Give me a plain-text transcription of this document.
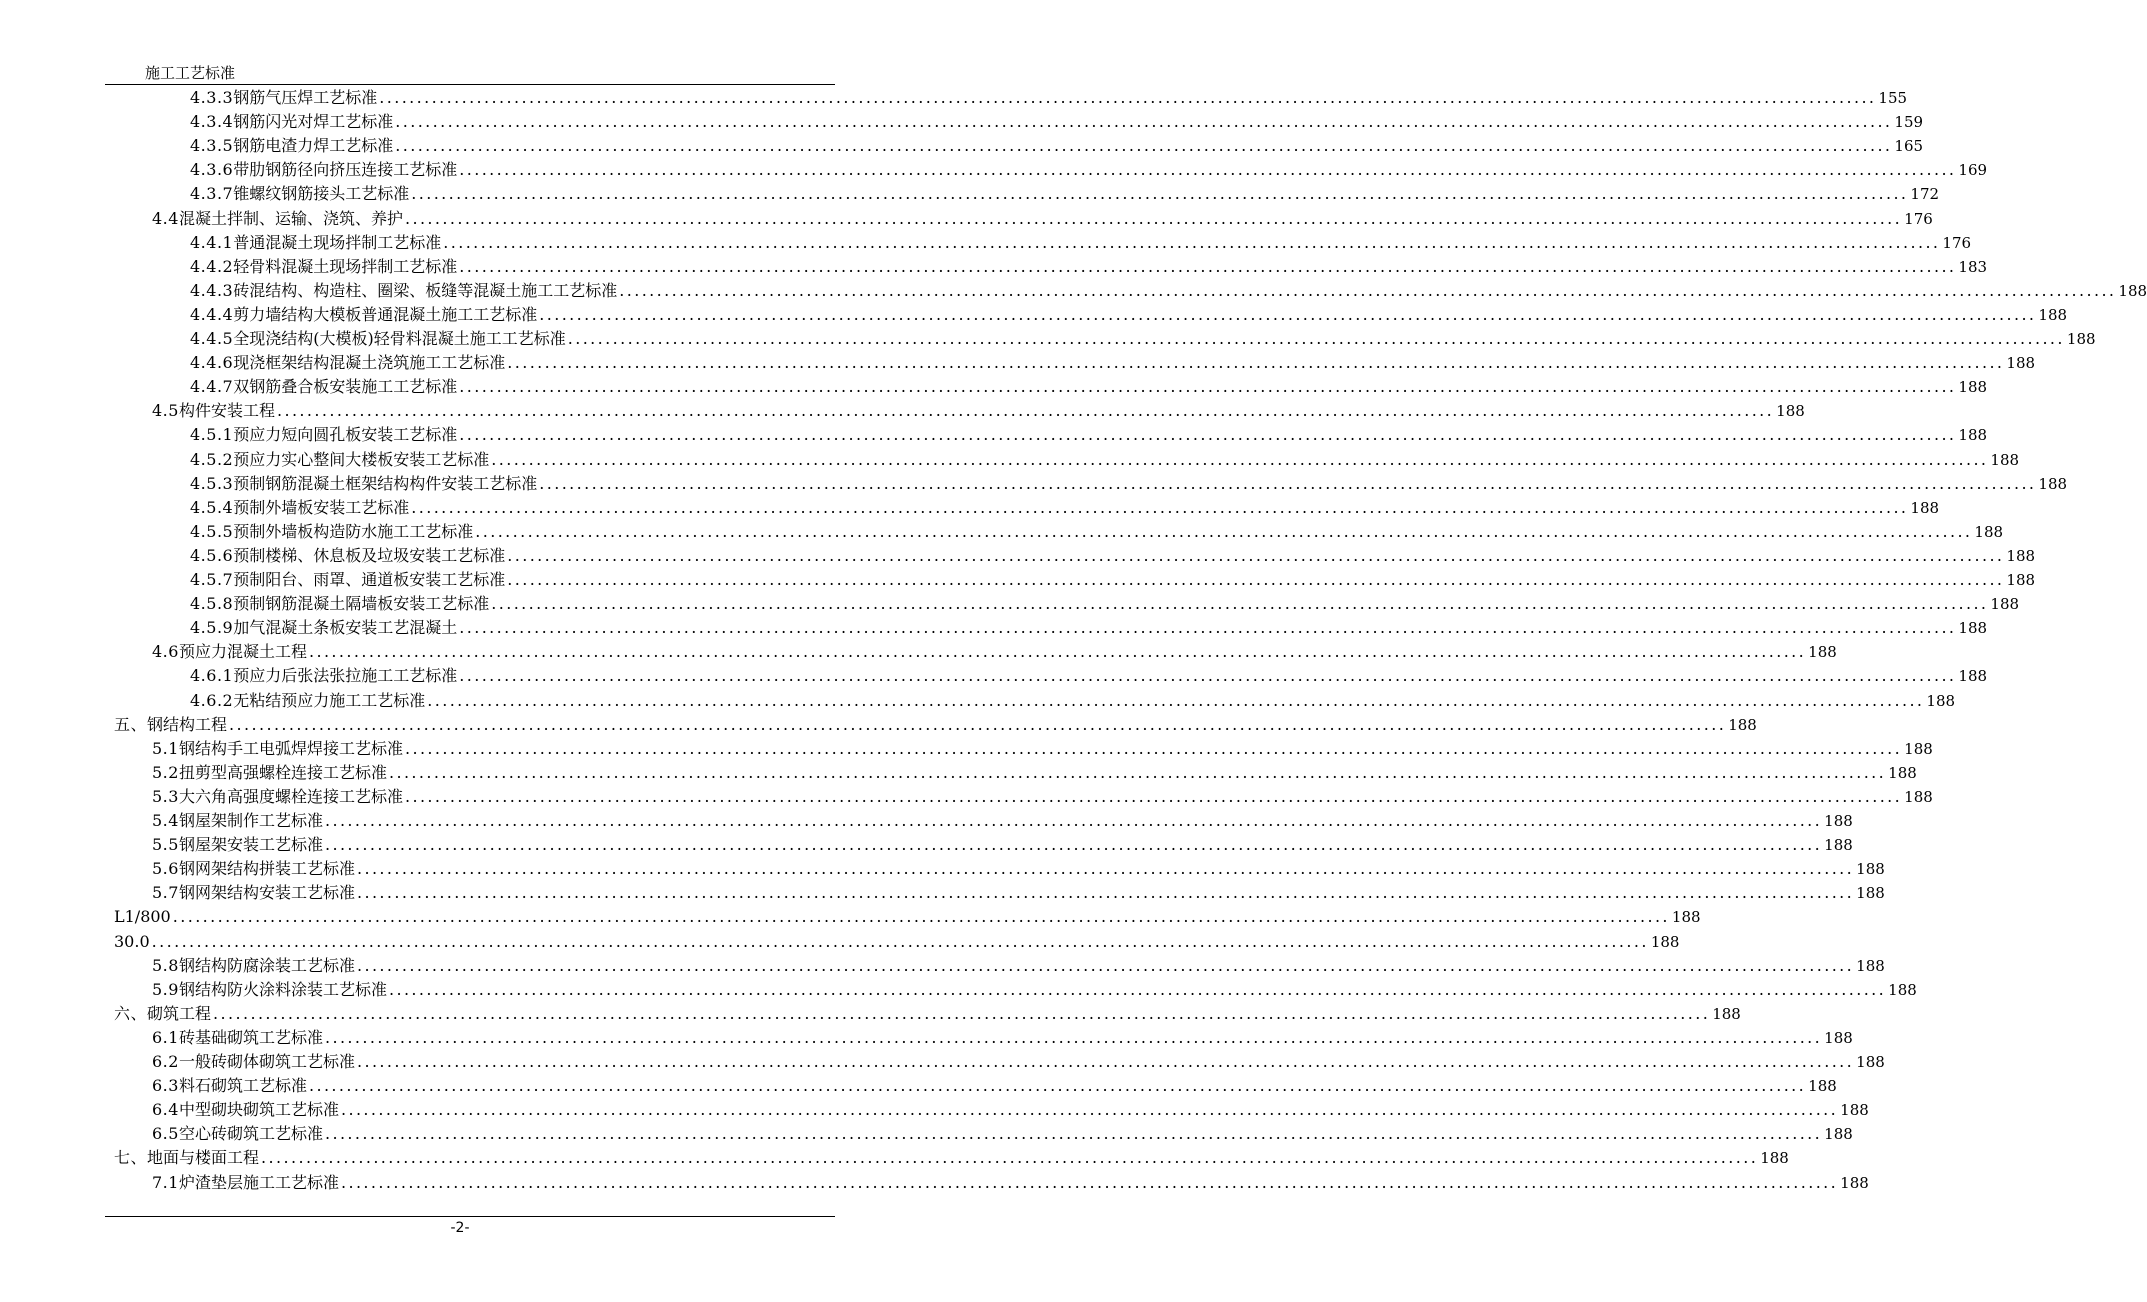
施工工艺标准
4.3.3 钢筋气压焊工艺标准 ........................................................................................................................................................................................................ 155
4.3.4 钢筋闪光对焊工艺标准 ........................................................................................................................................................................................................ 159
4.3.5 钢筋电渣力焊工艺标准 ........................................................................................................................................................................................................ 165
4.3.6 带肋钢筋径向挤压连接工艺标准 ........................................................................................................................................................................................................ 169
4.3.7 锥螺纹钢筋接头工艺标准 ........................................................................................................................................................................................................ 172
4.4 混凝土拌制、运输、浇筑、养护 ........................................................................................................................................................................................................ 176
4.4.1 普通混凝土现场拌制工艺标准 ........................................................................................................................................................................................................ 176
4.4.2 轻骨料混凝土现场拌制工艺标准 ........................................................................................................................................................................................................ 183
4.4.3 砖混结构、构造柱、圈梁、板缝等混凝土施工工艺标准 ........................................................................................................................................................................................................ 188
4.4.4 剪力墙结构大模板普通混凝土施工工艺标准 ........................................................................................................................................................................................................ 188
4.4.5 全现浇结构(大模板)轻骨料混凝土施工工艺标准 ........................................................................................................................................................................................................ 188
4.4.6 现浇框架结构混凝土浇筑施工工艺标准 ........................................................................................................................................................................................................ 188
4.4.7 双钢筋叠合板安装施工工艺标准 ........................................................................................................................................................................................................ 188
4.5 构件安装工程 ........................................................................................................................................................................................................ 188
4.5.1 预应力短向圆孔板安装工艺标准 ........................................................................................................................................................................................................ 188
4.5.2 预应力实心整间大楼板安装工艺标准 ........................................................................................................................................................................................................ 188
4.5.3 预制钢筋混凝土框架结构构件安装工艺标准 ........................................................................................................................................................................................................ 188
4.5.4 预制外墙板安装工艺标准 ........................................................................................................................................................................................................ 188
4.5.5 预制外墙板构造防水施工工艺标准 ........................................................................................................................................................................................................ 188
4.5.6 预制楼梯、休息板及垃圾安装工艺标准 ........................................................................................................................................................................................................ 188
4.5.7 预制阳台、雨罩、通道板安装工艺标准 ........................................................................................................................................................................................................ 188
4.5.8 预制钢筋混凝土隔墙板安装工艺标准 ........................................................................................................................................................................................................ 188
4.5.9 加气混凝土条板安装工艺混凝土 ........................................................................................................................................................................................................ 188
4.6 预应力混凝土工程 ........................................................................................................................................................................................................ 188
4.6.1 预应力后张法张拉施工工艺标准 ........................................................................................................................................................................................................ 188
4.6.2 无粘结预应力施工工艺标准 ........................................................................................................................................................................................................ 188
五、 钢结构工程 ........................................................................................................................................................................................................ 188
5.1 钢结构手工电弧焊焊接工艺标准 ........................................................................................................................................................................................................ 188
5.2 扭剪型高强螺栓连接工艺标准 ........................................................................................................................................................................................................ 188
5.3 大六角高强度螺栓连接工艺标准 ........................................................................................................................................................................................................ 188
5.4 钢屋架制作工艺标准 ........................................................................................................................................................................................................ 188
5.5 钢屋架安装工艺标准 ........................................................................................................................................................................................................ 188
5.6 钢网架结构拼装工艺标准 ........................................................................................................................................................................................................ 188
5.7 钢网架结构安装工艺标准 ........................................................................................................................................................................................................ 188
L1/800 ........................................................................................................................................................................................................ 188
30.0 ........................................................................................................................................................................................................ 188
5.8 钢结构防腐涂装工艺标准 ........................................................................................................................................................................................................ 188
5.9 钢结构防火涂料涂装工艺标准 ........................................................................................................................................................................................................ 188
六、 砌筑工程 ........................................................................................................................................................................................................ 188
6.1 砖基础砌筑工艺标准 ........................................................................................................................................................................................................ 188
6.2 一般砖砌体砌筑工艺标准 ........................................................................................................................................................................................................ 188
6.3 料石砌筑工艺标准 ........................................................................................................................................................................................................ 188
6.4 中型砌块砌筑工艺标准 ........................................................................................................................................................................................................ 188
6.5 空心砖砌筑工艺标准 ........................................................................................................................................................................................................ 188
七、 地面与楼面工程 ........................................................................................................................................................................................................ 188
7.1 炉渣垫层施工工艺标准 ........................................................................................................................................................................................................ 188
-2-
